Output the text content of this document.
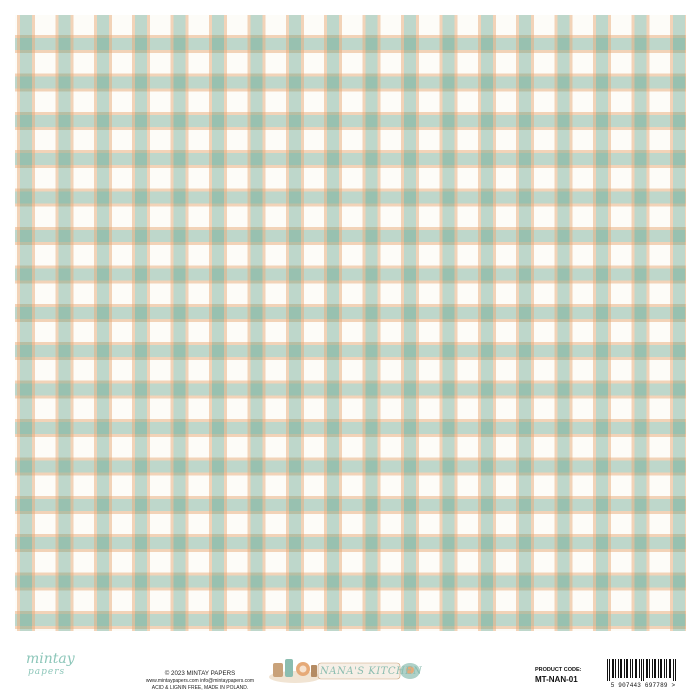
mintay
papers	© 2023 MINTAY PAPERS
www.mintaypapers.com info@mintaypapers.com
ACID & LIGNIN FREE, MADE IN POLAND.
NANA'S KITCHEN	PRODUCT CODE:
MT-NAN-01
5 907443 697789 >
